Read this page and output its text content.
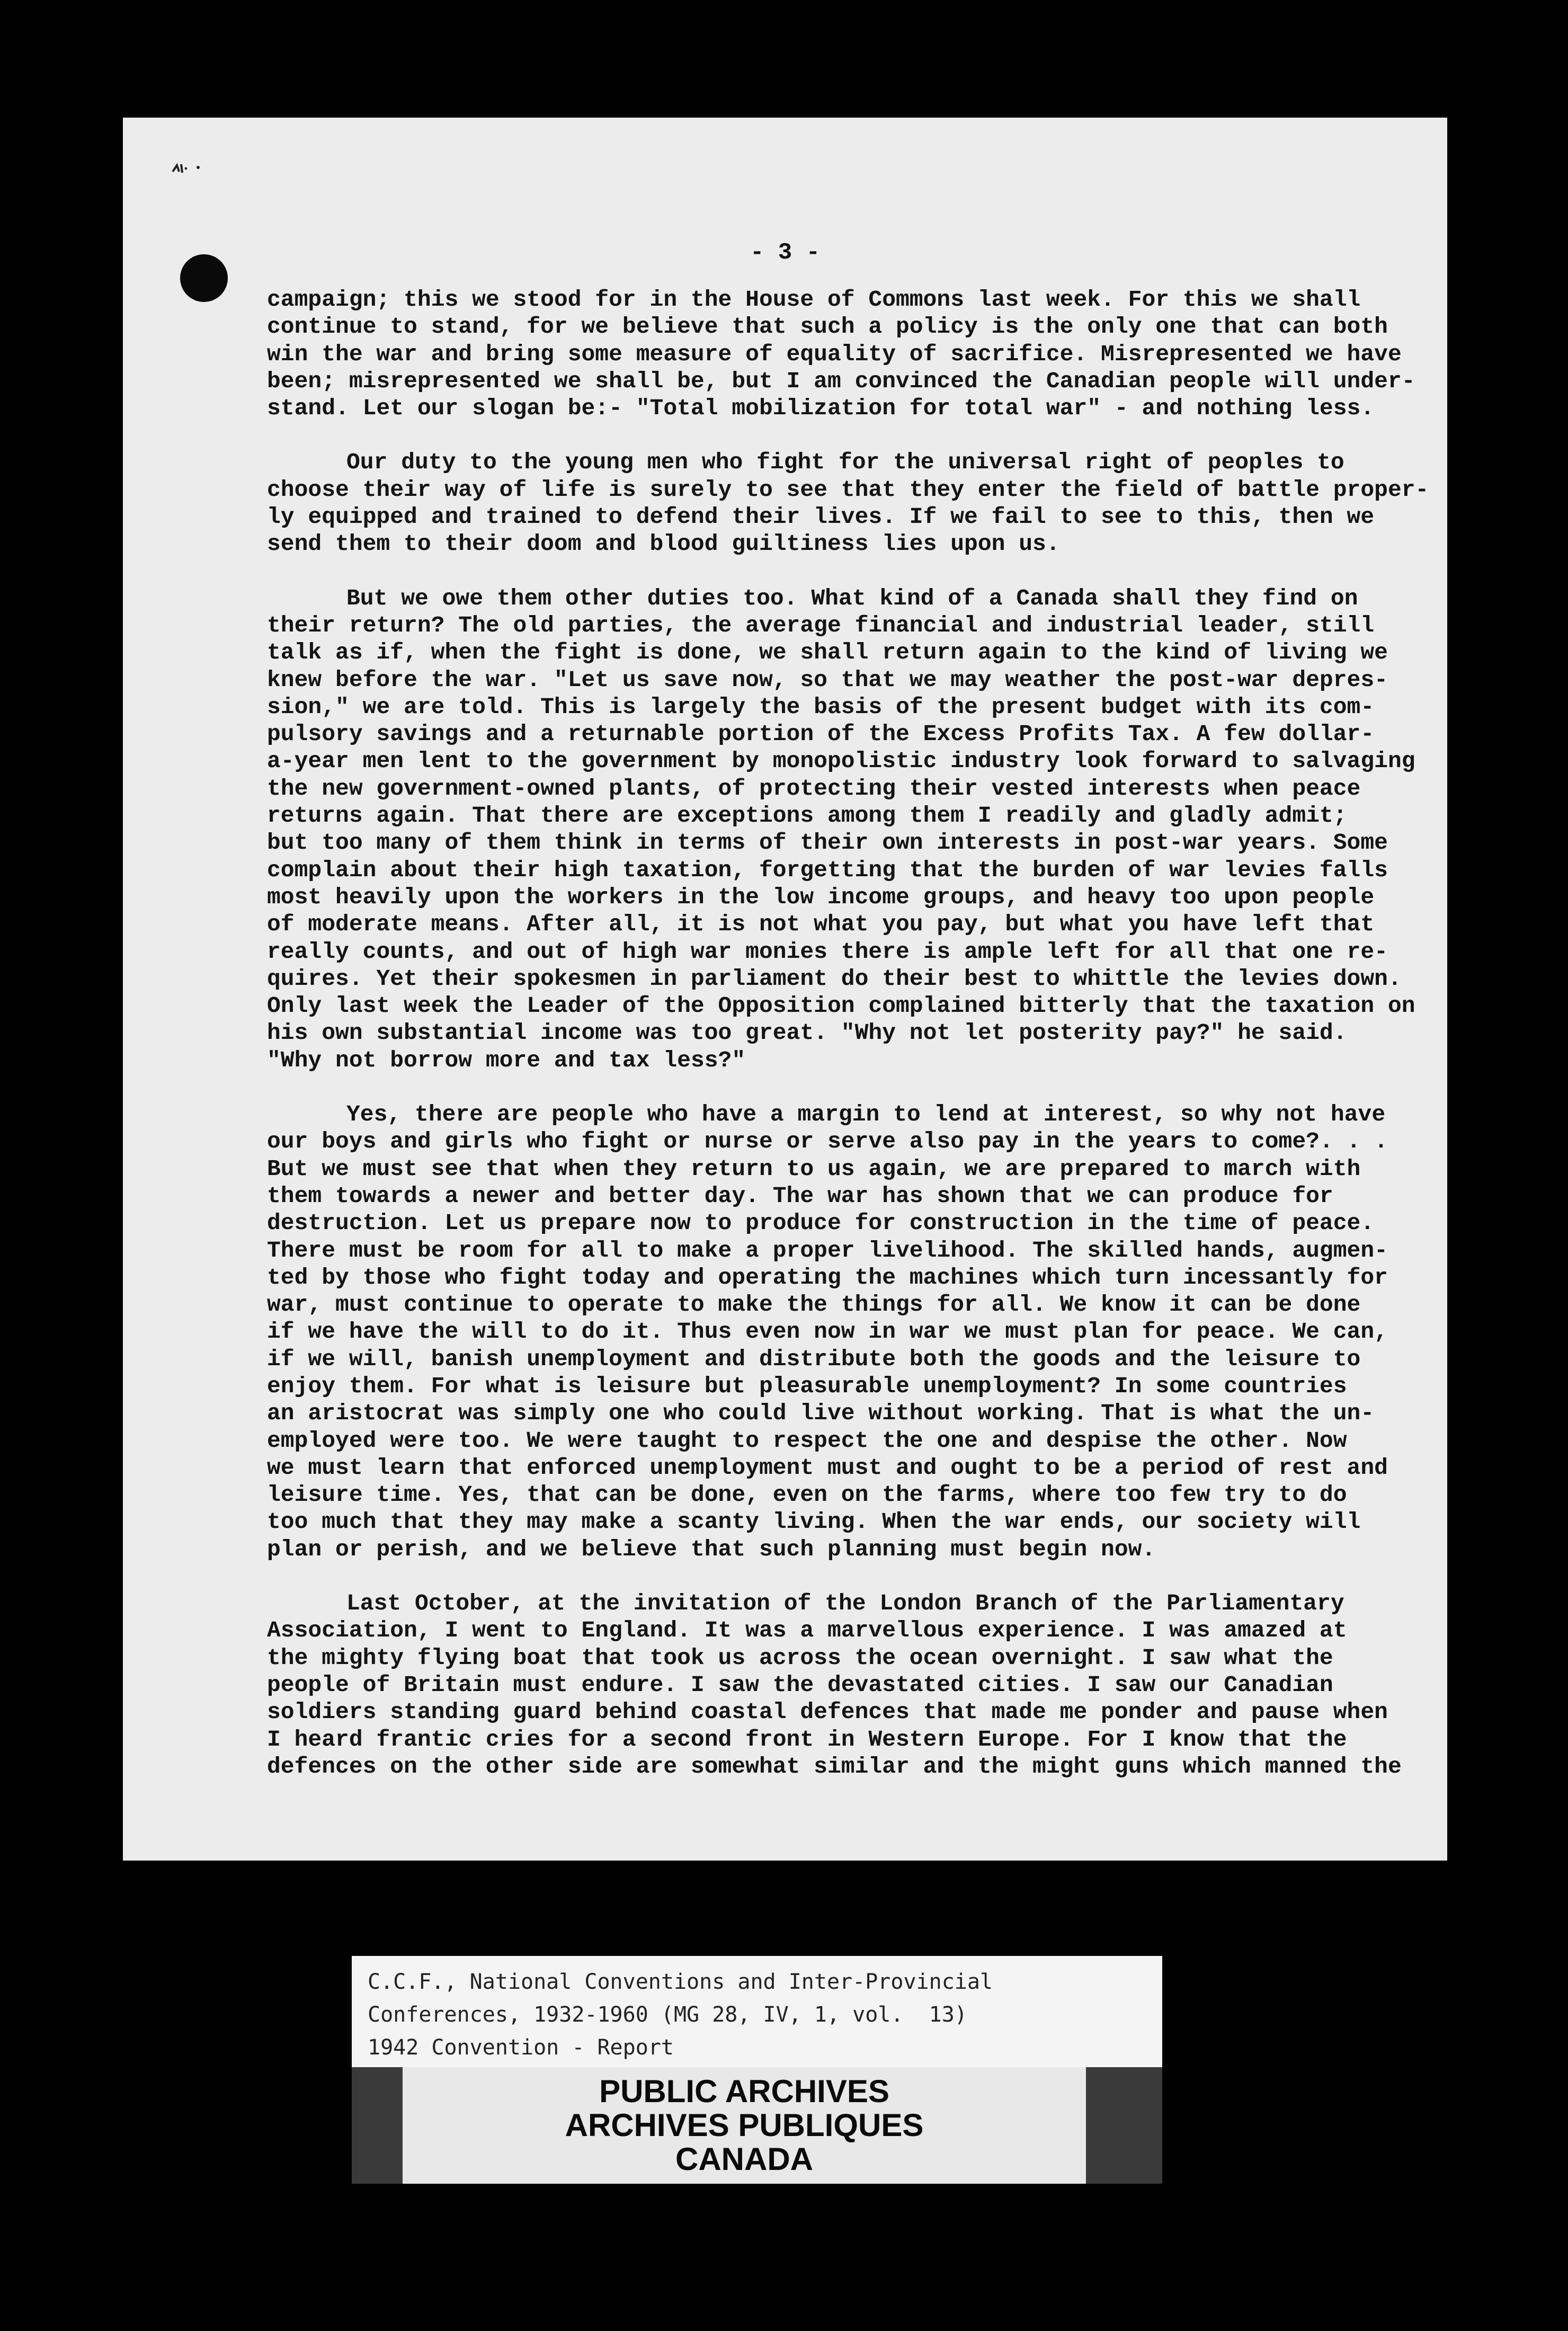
- 3 -

campaign; this we stood for in the House of Commons last week. For this we shall

continue to stand, for we believe that such a policy is the only one that can both

win the war and bring some measure of equality of sacrifice. Misrepresented we have

been; misrepresented we shall be, but I am convinced the Canadian people will under-

stand. Let our slogan be:- "Total mobilization for total war" - and nothing less.

Our duty to the young men who fight for the universal right of peoples to

choose their way of life is surely to see that they enter the field of battle proper-

ly equipped and trained to defend their lives. If we fail to see to this, then we

send them to their doom and blood guiltiness lies upon us.

But we owe them other duties too. What kind of a Canada shall they find on

their return? The old parties, the average financial and industrial leader, still

talk as if, when the fight is done, we shall return again to the kind of living we

knew before the war. "Let us save now, so that we may weather the post-war depres-

sion," we are told. This is largely the basis of the present budget with its com-

pulsory savings and a returnable portion of the Excess Profits Tax. A few dollar-

a-year men lent to the government by monopolistic industry look forward to salvaging

the new government-owned plants, of protecting their vested interests when peace

returns again. That there are exceptions among them I readily and gladly admit;

but too many of them think in terms of their own interests in post-war years. Some

complain about their high taxation, forgetting that the burden of war levies falls

most heavily upon the workers in the low income groups, and heavy too upon people

of moderate means. After all, it is not what you pay, but what you have left that

really counts, and out of high war monies there is ample left for all that one re-

quires. Yet their spokesmen in parliament do their best to whittle the levies down.

Only last week the Leader of the Opposition complained bitterly that the taxation on

his own substantial income was too great. "Why not let posterity pay?" he said.

"Why not borrow more and tax less?"

Yes, there are people who have a margin to lend at interest, so why not have

our boys and girls who fight or nurse or serve also pay in the years to come?. . .

But we must see that when they return to us again, we are prepared to march with

them towards a newer and better day. The war has shown that we can produce for

destruction. Let us prepare now to produce for construction in the time of peace.

There must be room for all to make a proper livelihood. The skilled hands, augmen-

ted by those who fight today and operating the machines which turn incessantly for

war, must continue to operate to make the things for all. We know it can be done

if we have the will to do it. Thus even now in war we must plan for peace. We can,

if we will, banish unemployment and distribute both the goods and the leisure to

enjoy them. For what is leisure but pleasurable unemployment? In some countries

an aristocrat was simply one who could live without working. That is what the un-

employed were too. We were taught to respect the one and despise the other. Now

we must learn that enforced unemployment must and ought to be a period of rest and

leisure time. Yes, that can be done, even on the farms, where too few try to do

too much that they may make a scanty living. When the war ends, our society will

plan or perish, and we believe that such planning must begin now.

Last October, at the invitation of the London Branch of the Parliamentary

Association, I went to England. It was a marvellous experience. I was amazed at

the mighty flying boat that took us across the ocean overnight. I saw what the

people of Britain must endure. I saw the devastated cities. I saw our Canadian

soldiers standing guard behind coastal defences that made me ponder and pause when

I heard frantic cries for a second front in Western Europe. For I know that the

defences on the other side are somewhat similar and the might guns which manned the

C.C.F., National Conventions and Inter-Provincial
Conferences, 1932-1960 (MG 28, IV, 1, vol.  13)
1942 Convention - Report
PUBLIC ARCHIVES
ARCHIVES PUBLIQUES
CANADA
